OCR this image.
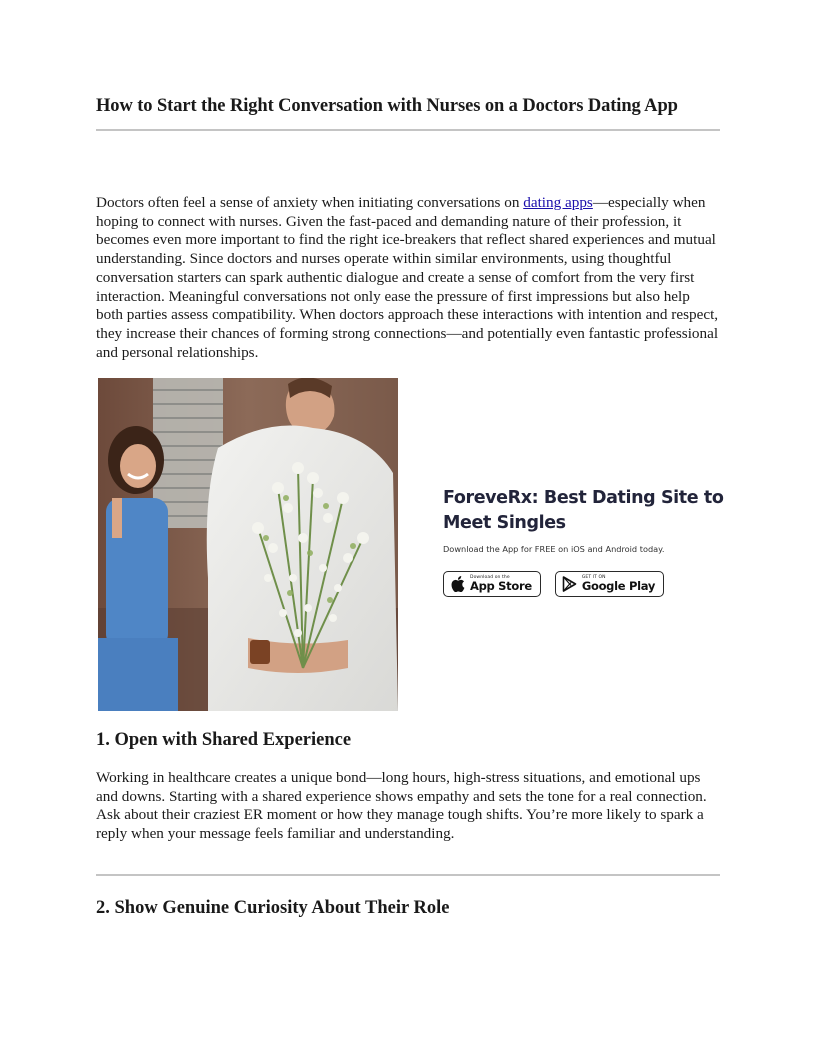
How to Start the Right Conversation with Nurses on a Doctors Dating App

Doctors often feel a sense of anxiety when initiating conversations on dating apps—especially when hoping to connect with nurses. Given the fast-paced and demanding nature of their profession, it becomes even more important to find the right ice-breakers that reflect shared experiences and mutual understanding. Since doctors and nurses operate within similar environments, using thoughtful conversation starters can spark authentic dialogue and create a sense of comfort from the very first interaction. Meaningful conversations not only ease the pressure of first impressions but also help both parties assess compatibility. When doctors approach these interactions with intention and respect, they increase their chances of forming strong connections—and potentially even fantastic professional and personal relationships.

ForeveRx: Best Dating Site to
Meet Singles

Download the App for FREE on iOS and Android today.

Download on the
App Store
GET IT ON
Google Play
1. Open with Shared Experience

Working in healthcare creates a unique bond—long hours, high-stress situations, and emotional ups and downs. Starting with a shared experience shows empathy and sets the tone for a real connection. Ask about their craziest ER moment or how they manage tough shifts. You’re more likely to spark a reply when your message feels familiar and understanding.

2. Show Genuine Curiosity About Their Role
